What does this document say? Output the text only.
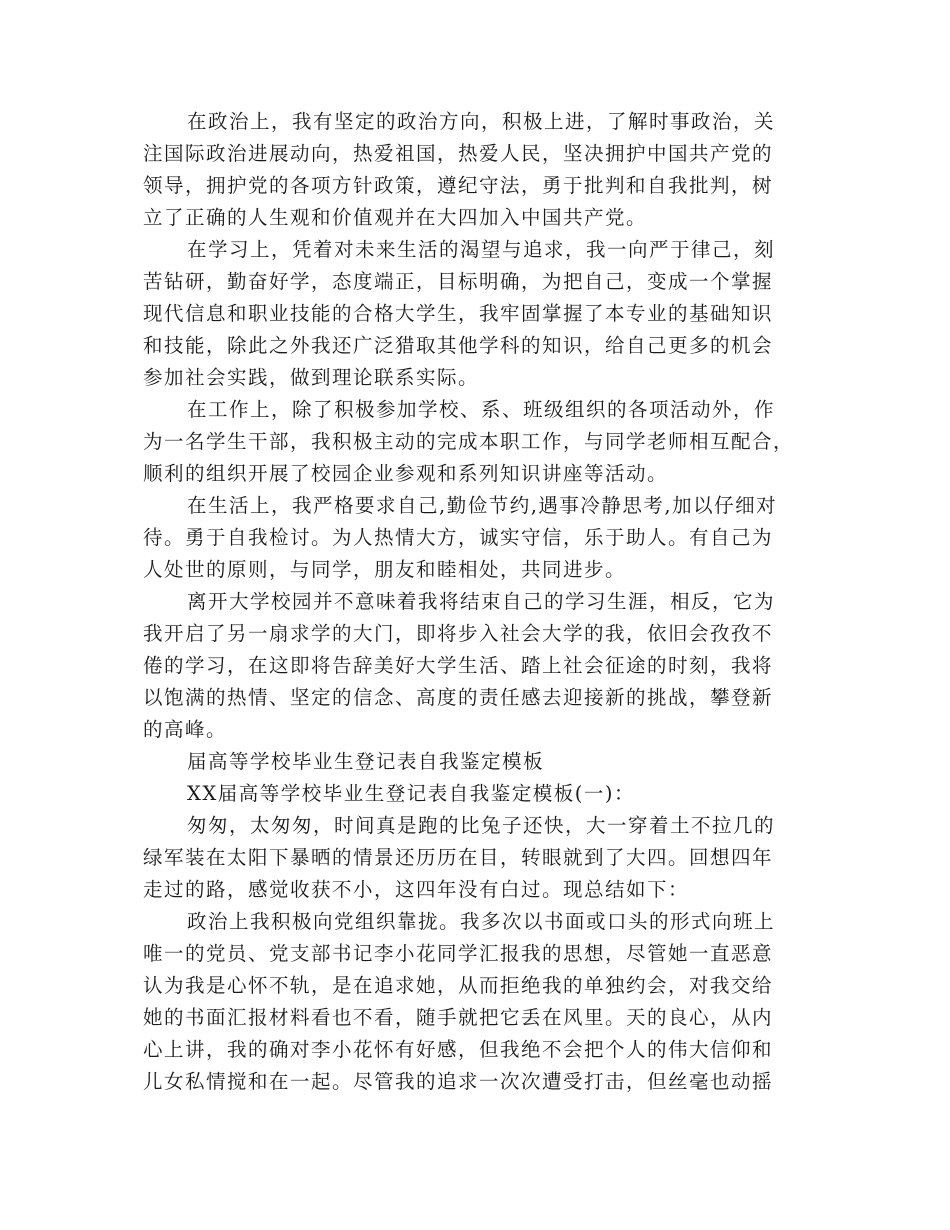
在政治上，我有坚定的政治方向，积极上进，了解时事政治，关
注国际政治进展动向，热爱祖国，热爱人民，坚决拥护中国共产党的
领导，拥护党的各项方针政策，遵纪守法，勇于批判和自我批判，树
立了正确的人生观和价值观并在大四加入中国共产党。
在学习上，凭着对未来生活的渴望与追求，我一向严于律己，刻
苦钻研，勤奋好学，态度端正，目标明确，为把自己，变成一个掌握
现代信息和职业技能的合格大学生，我牢固掌握了本专业的基础知识
和技能，除此之外我还广泛猎取其他学科的知识，给自己更多的机会
参加社会实践，做到理论联系实际。
在工作上，除了积极参加学校、系、班级组织的各项活动外，作
为一名学生干部，我积极主动的完成本职工作，与同学老师相互配合，
顺利的组织开展了校园企业参观和系列知识讲座等活动。
在生活上，我严格要求自己,勤俭节约,遇事冷静思考,加以仔细对
待。勇于自我检讨。为人热情大方，诚实守信，乐于助人。有自己为
人处世的原则，与同学，朋友和睦相处，共同进步。
离开大学校园并不意味着我将结束自己的学习生涯，相反，它为
我开启了另一扇求学的大门，即将步入社会大学的我，依旧会孜孜不
倦的学习，在这即将告辞美好大学生活、踏上社会征途的时刻，我将
以饱满的热情、坚定的信念、高度的责任感去迎接新的挑战，攀登新
的高峰。
届高等学校毕业生登记表自我鉴定模板
XX届高等学校毕业生登记表自我鉴定模板(一)：
匆匆，太匆匆，时间真是跑的比兔子还快，大一穿着土不拉几的
绿军装在太阳下暴晒的情景还历历在目，转眼就到了大四。回想四年
走过的路，感觉收获不小，这四年没有白过。现总结如下：
政治上我积极向党组织靠拢。我多次以书面或口头的形式向班上
唯一的党员、党支部书记李小花同学汇报我的思想，尽管她一直恶意
认为我是心怀不轨，是在追求她，从而拒绝我的单独约会，对我交给
她的书面汇报材料看也不看，随手就把它丢在风里。天的良心，从内
心上讲，我的确对李小花怀有好感，但我绝不会把个人的伟大信仰和
儿女私情搅和在一起。尽管我的追求一次次遭受打击，但丝毫也动摇
